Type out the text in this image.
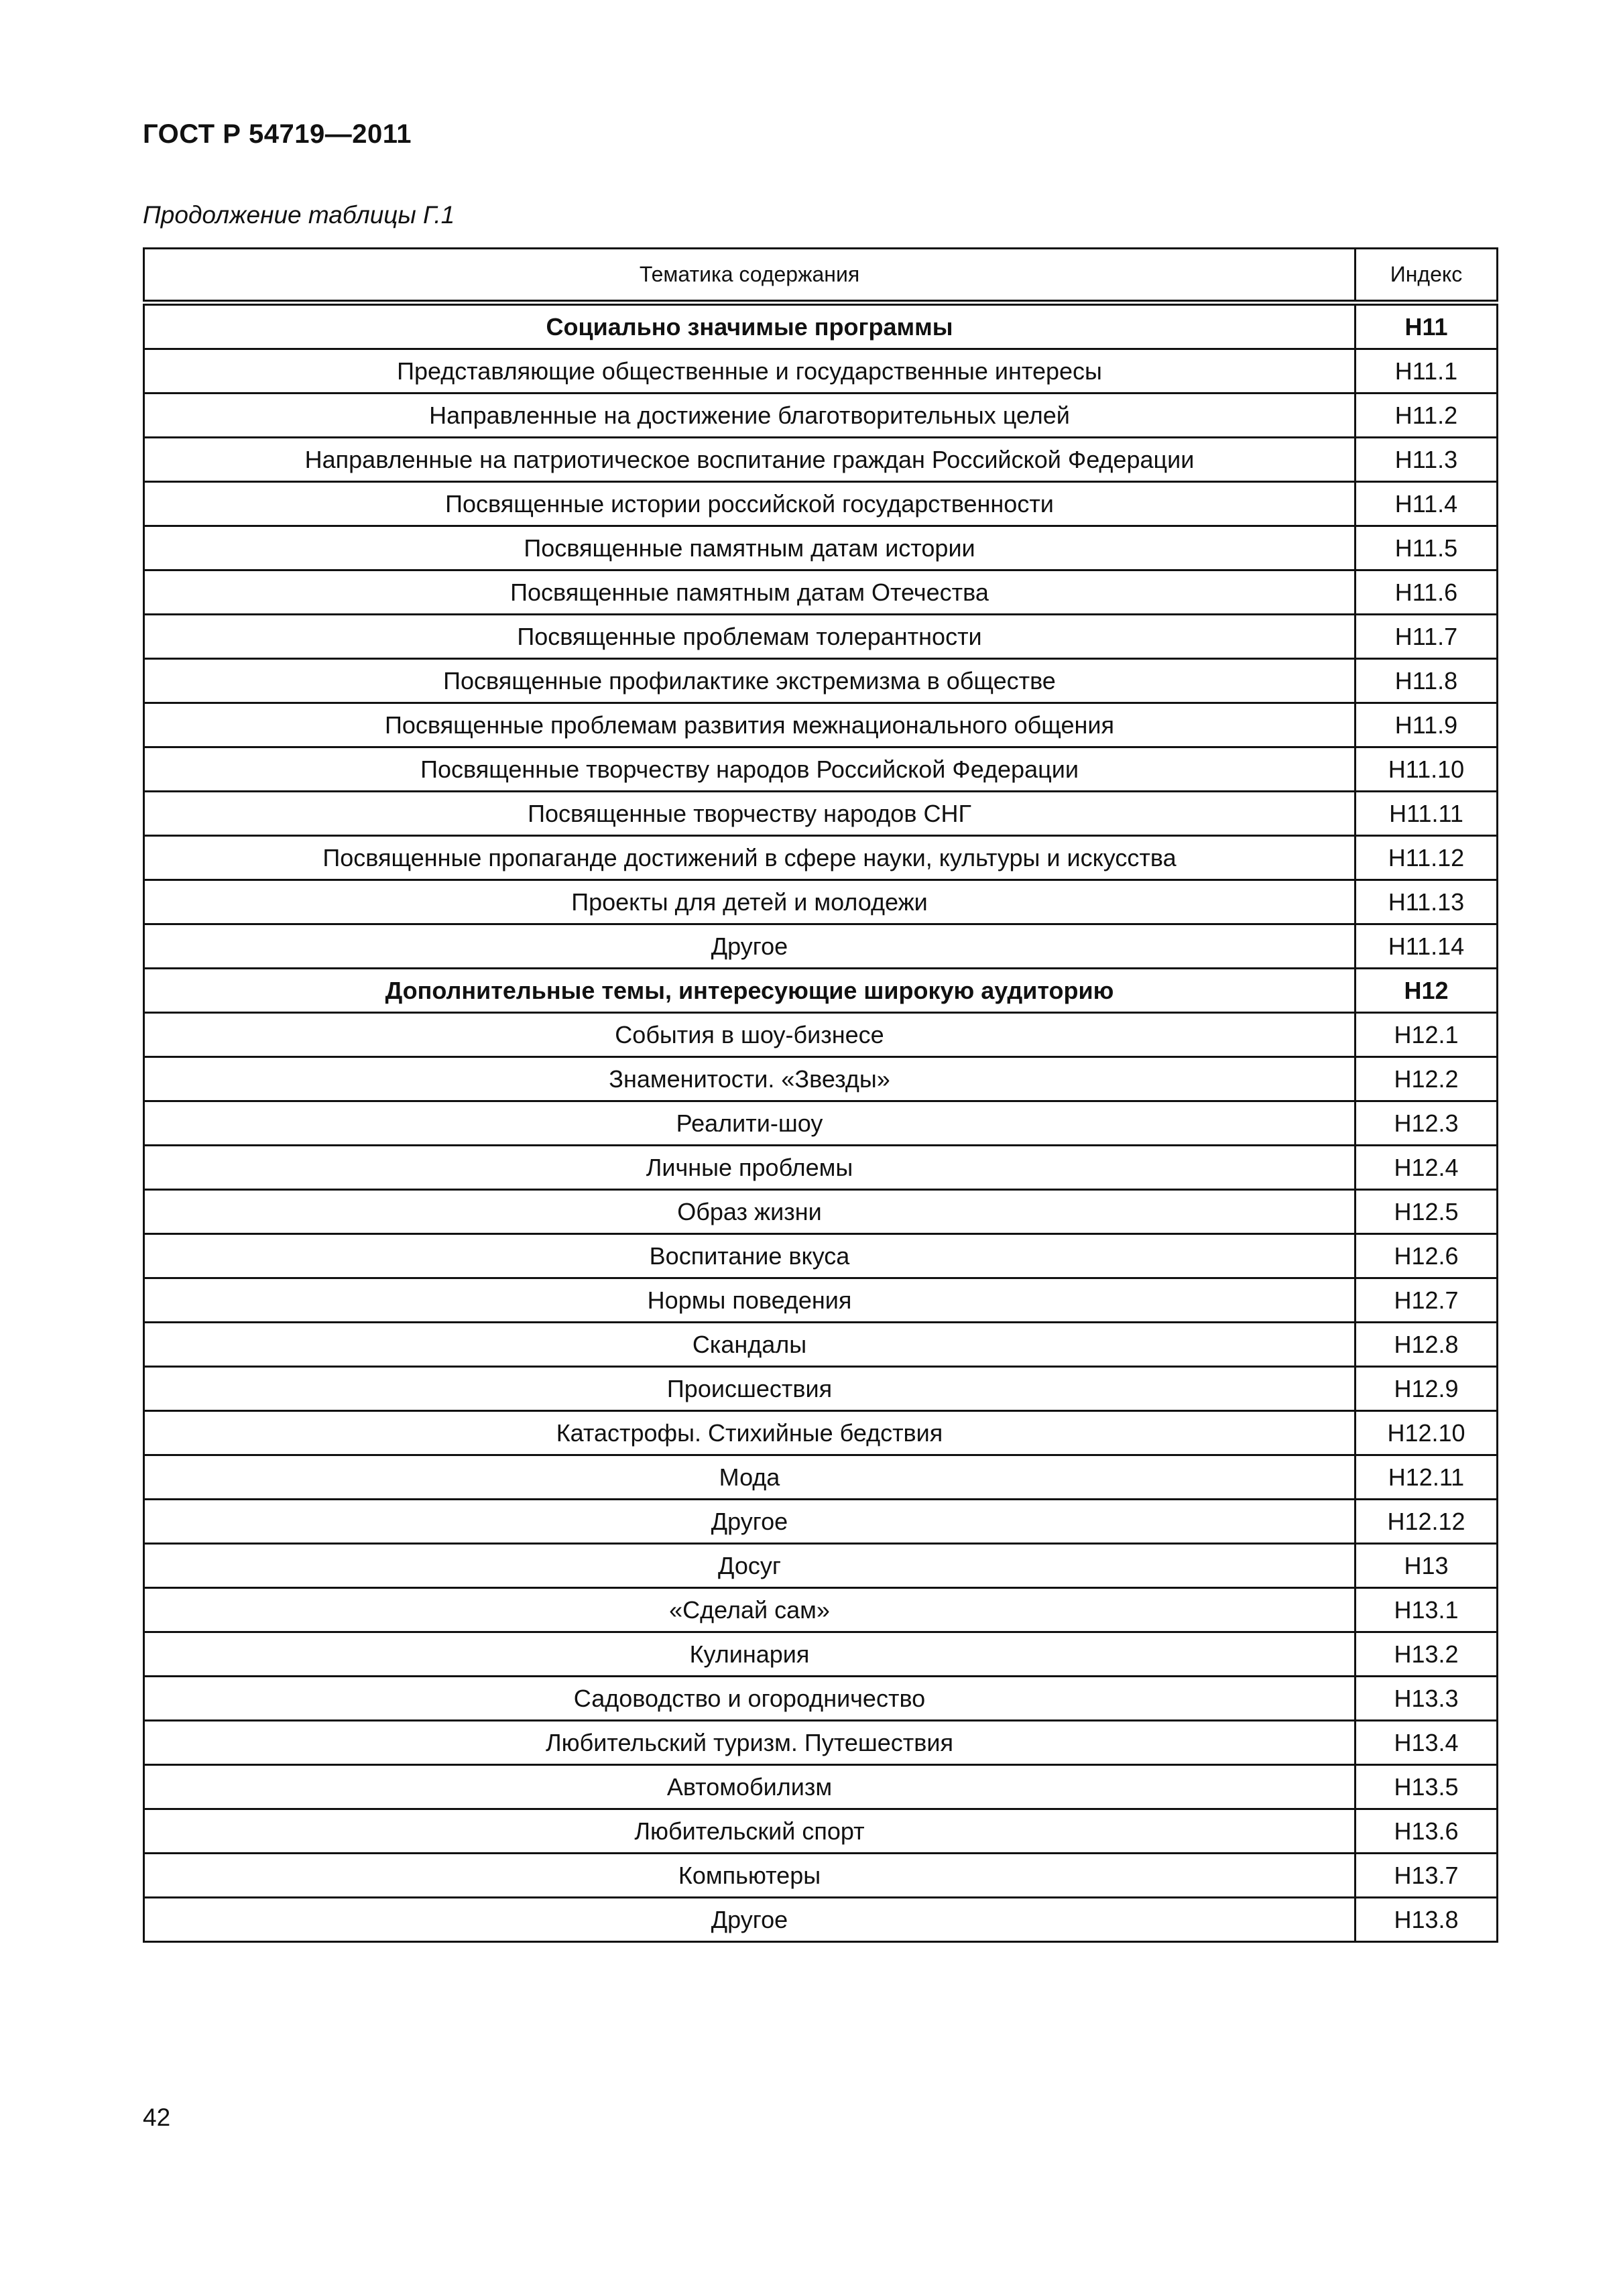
ГОСТ Р 54719—2011
Продолжение таблицы Г.1
Тематика содержания	Индекс
Социально значимые программы	H11
Представляющие общественные и государственные интересы	H11.1
Направленные на достижение благотворительных целей	H11.2
Направленные на патриотическое воспитание граждан Российской Федерации	H11.3
Посвященные истории российской государственности	H11.4
Посвященные памятным датам истории	H11.5
Посвященные памятным датам Отечества	H11.6
Посвященные проблемам толерантности	H11.7
Посвященные профилактике экстремизма в обществе	H11.8
Посвященные проблемам развития межнационального общения	H11.9
Посвященные творчеству народов Российской Федерации	H11.10
Посвященные творчеству народов СНГ	H11.11
Посвященные пропаганде достижений в сфере науки, культуры и искусства	H11.12
Проекты для детей и молодежи	H11.13
Другое	H11.14
Дополнительные темы, интересующие широкую аудиторию	H12
События в шоу-бизнесе	H12.1
Знаменитости. «Звезды»	H12.2
Реалити-шоу	H12.3
Личные проблемы	H12.4
Образ жизни	H12.5
Воспитание вкуса	H12.6
Нормы поведения	H12.7
Скандалы	H12.8
Происшествия	H12.9
Катастрофы. Стихийные бедствия	H12.10
Мода	H12.11
Другое	H12.12
Досуг	H13
«Сделай сам»	H13.1
Кулинария	H13.2
Садоводство и огородничество	H13.3
Любительский туризм. Путешествия	H13.4
Автомобилизм	H13.5
Любительский спорт	H13.6
Компьютеры	H13.7
Другое	H13.8
42
